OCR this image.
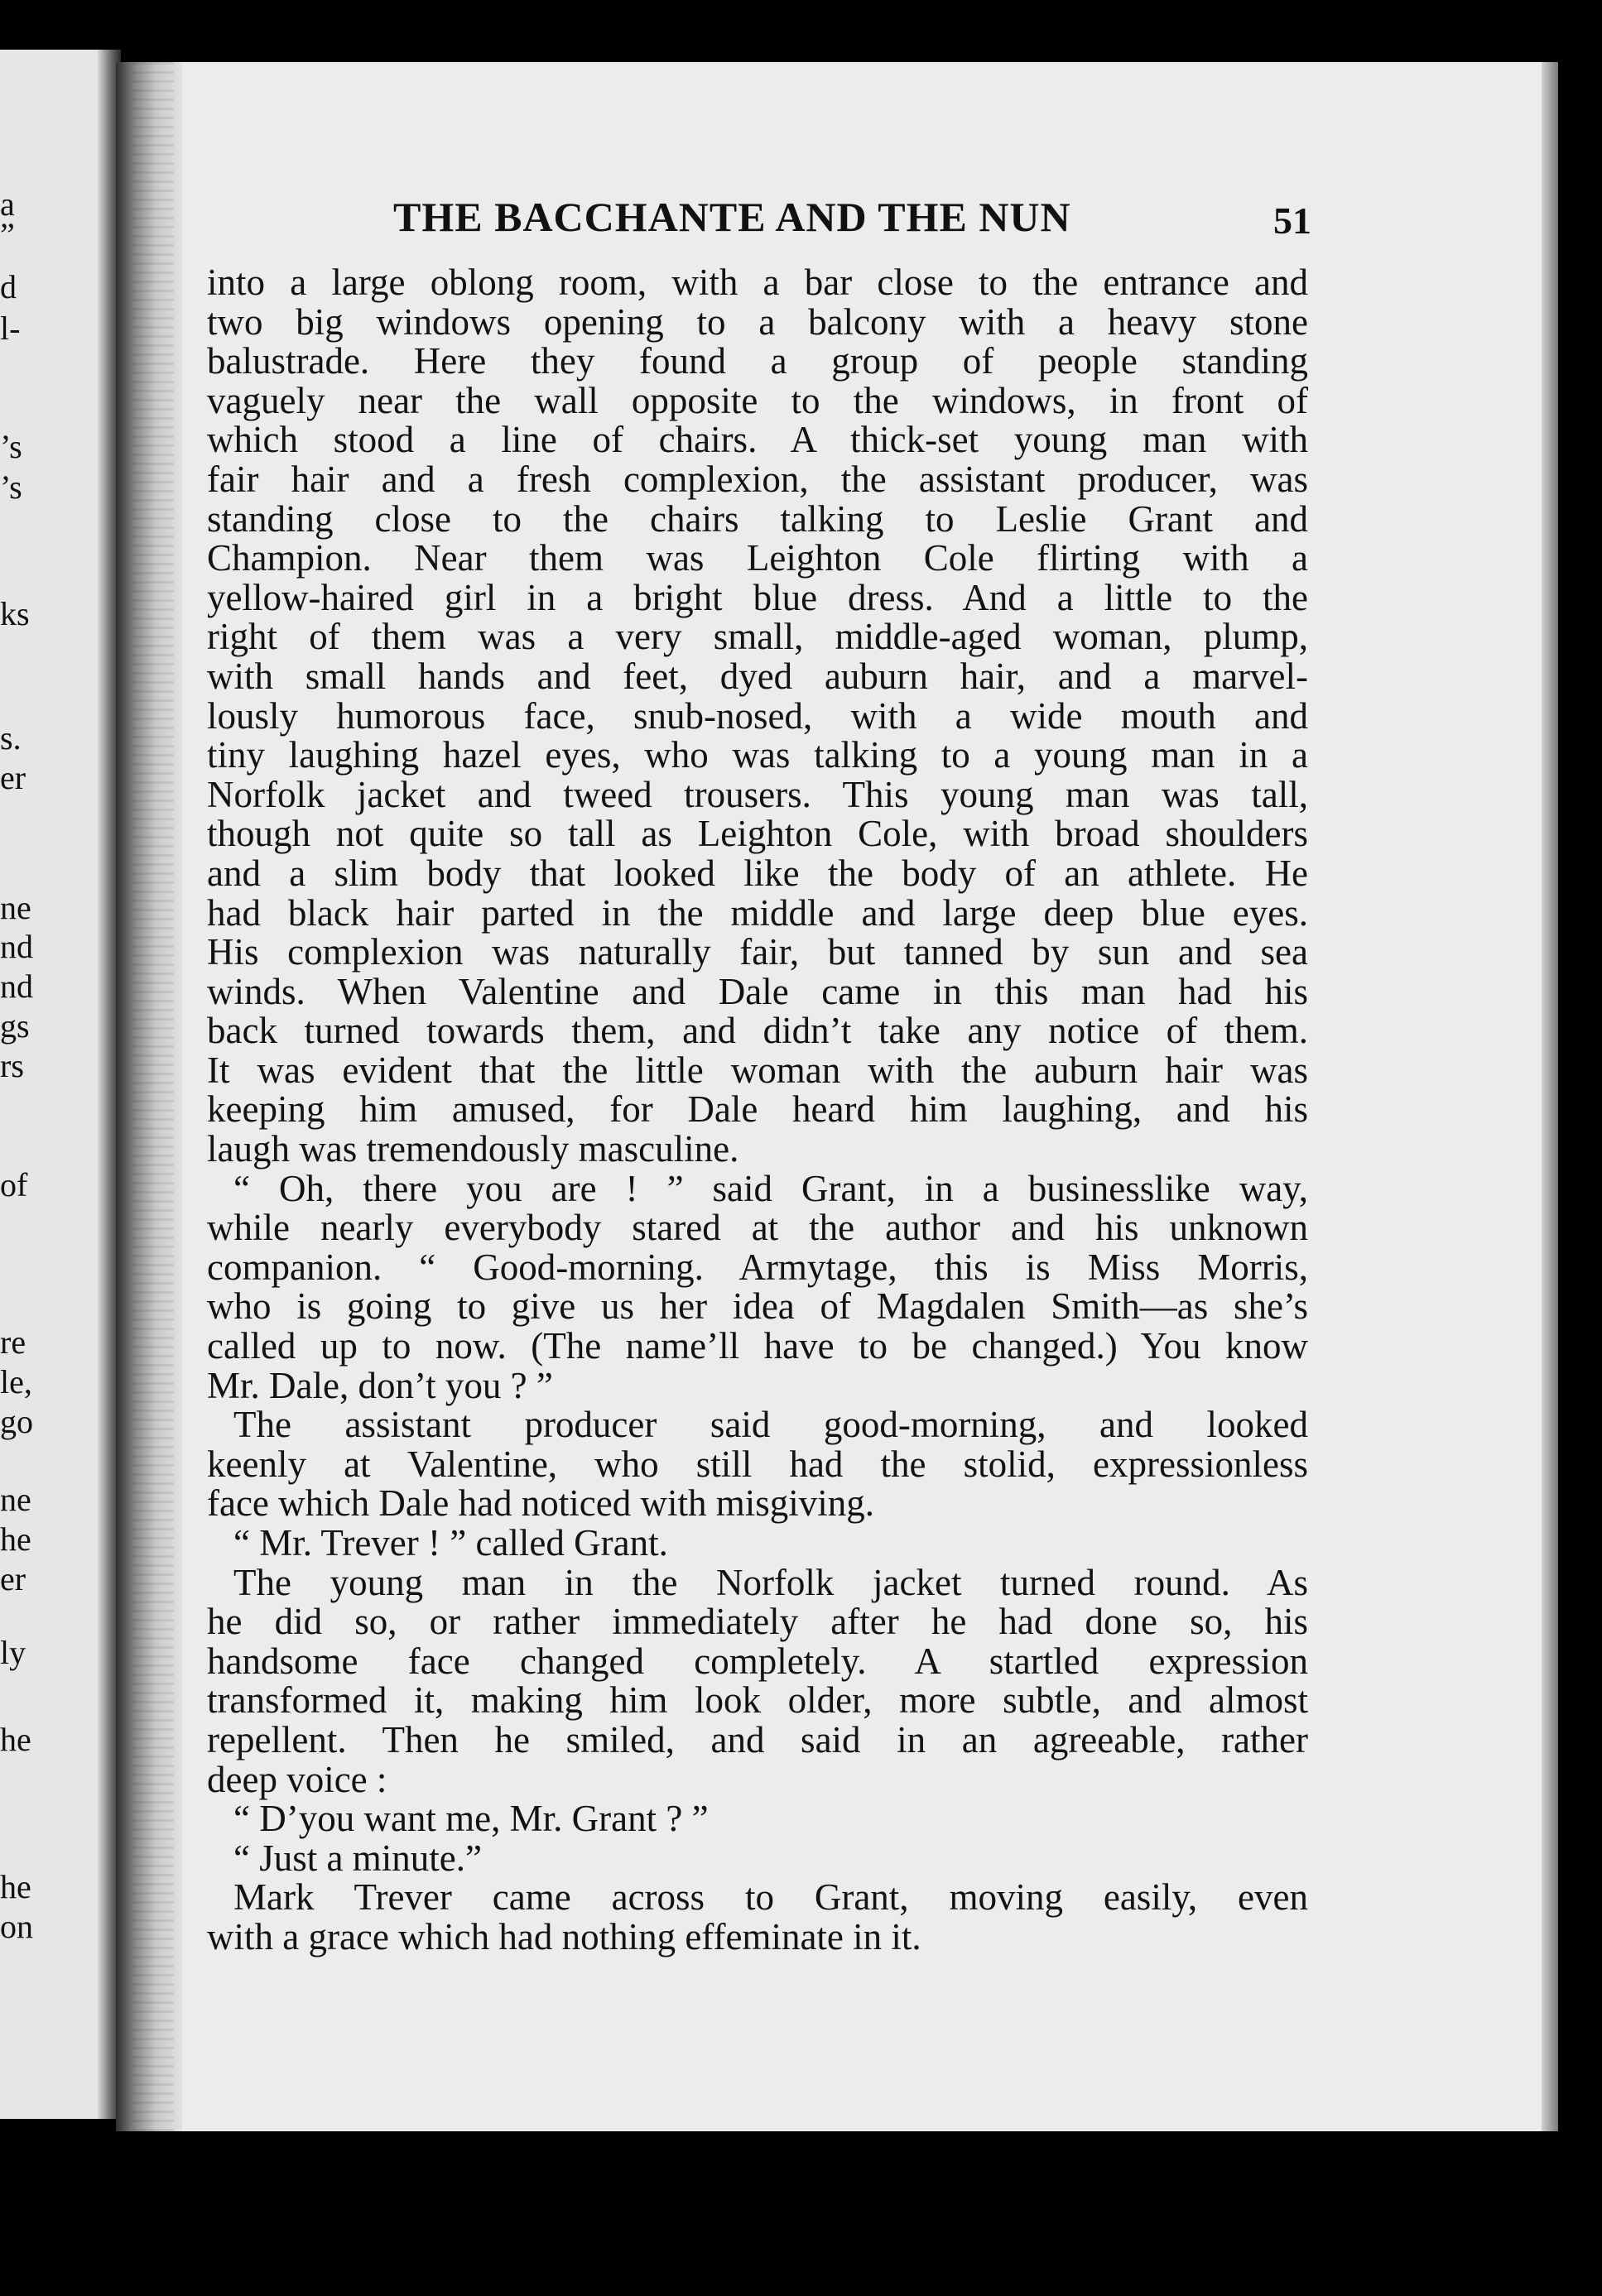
a
”
d
l-
’s
’s
ks
s.
er
ne
nd
nd
gs
rs
of
re
le,
go
ne
he
er
ly
he
he
on
THE BACCHANTE AND THE NUN	51
into a large oblong room, with a bar close to the entrance and
two big windows opening to a balcony with a heavy stone
balustrade. Here they found a group of people standing
vaguely near the wall opposite to the windows, in front of
which stood a line of chairs. A thick-set young man with
fair hair and a fresh complexion, the assistant producer, was
standing close to the chairs talking to Leslie Grant and
Champion. Near them was Leighton Cole flirting with a
yellow-haired girl in a bright blue dress. And a little to the
right of them was a very small, middle-aged woman, plump,
with small hands and feet, dyed auburn hair, and a marvel-
lously humorous face, snub-nosed, with a wide mouth and
tiny laughing hazel eyes, who was talking to a young man in a
Norfolk jacket and tweed trousers. This young man was tall,
though not quite so tall as Leighton Cole, with broad shoulders
and a slim body that looked like the body of an athlete. He
had black hair parted in the middle and large deep blue eyes.
His complexion was naturally fair, but tanned by sun and sea
winds. When Valentine and Dale came in this man had his
back turned towards them, and didn’t take any notice of them.
It was evident that the little woman with the auburn hair was
keeping him amused, for Dale heard him laughing, and his
laugh was tremendously masculine.
“ Oh, there you are ! ” said Grant, in a businesslike way,
while nearly everybody stared at the author and his unknown
companion. “ Good-morning. Armytage, this is Miss Morris,
who is going to give us her idea of Magdalen Smith—as she’s
called up to now. (The name’ll have to be changed.) You know
Mr. Dale, don’t you ? ”
The assistant producer said good-morning, and looked
keenly at Valentine, who still had the stolid, expressionless
face which Dale had noticed with misgiving.
“ Mr. Trever ! ” called Grant.
The young man in the Norfolk jacket turned round. As
he did so, or rather immediately after he had done so, his
handsome face changed completely. A startled expression
transformed it, making him look older, more subtle, and almost
repellent. Then he smiled, and said in an agreeable, rather
deep voice :
“ D’you want me, Mr. Grant ? ”
“ Just a minute.”
Mark Trever came across to Grant, moving easily, even
with a grace which had nothing effeminate in it.
